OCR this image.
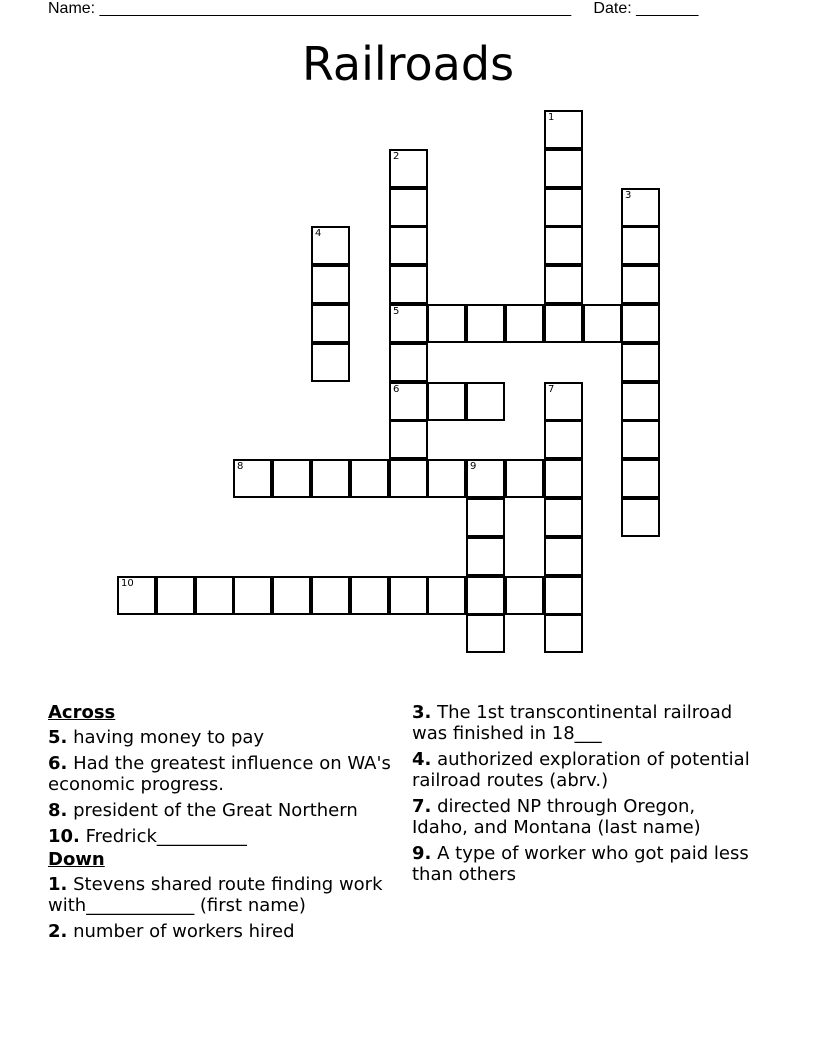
Name: _____________________________________________________     Date: _______
Railroads
1
2
5
6
3
4
7
8	9
10
Across
5. having money to pay
6. Had the greatest influence on WA's economic progress.
8. president of the Great Northern
10. Fredrick__________
Down
1. Stevens shared route finding work with____________ (first name)
2. number of workers hired
3. The 1st transcontinental railroad was finished in 18___
4. authorized exploration of potential railroad routes (abrv.)
7. directed NP through Oregon, Idaho, and Montana (last name)
9. A type of worker who got paid less than others
